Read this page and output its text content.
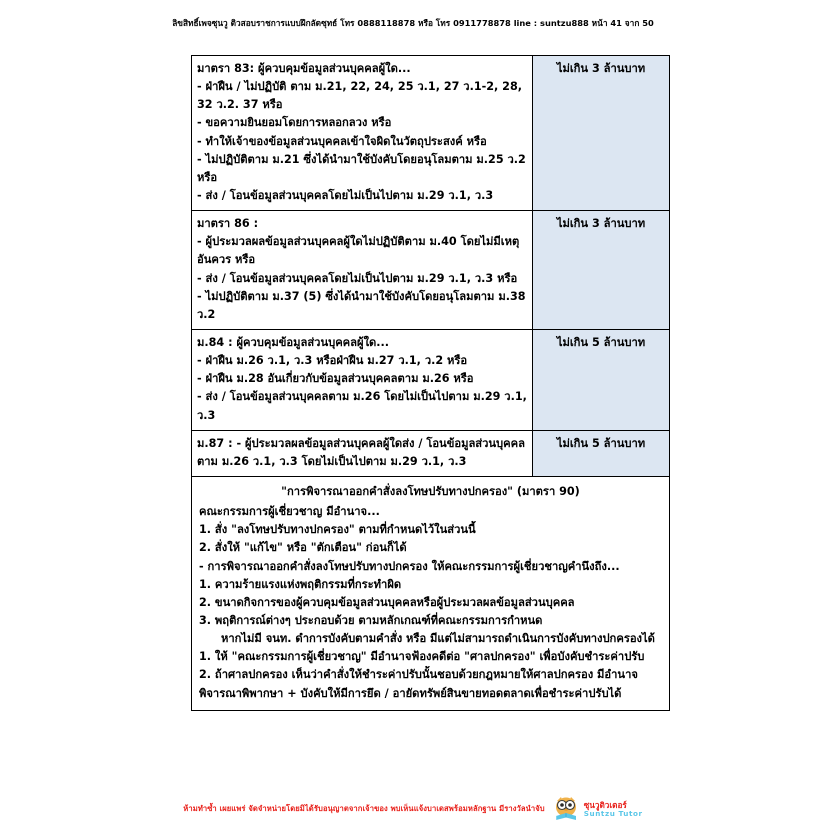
ลิขสิทธิ์เพจซุนวู ติวสอบราชการแบบฝึกลัดซุทธ์ โทร 0888118878 หรือ โทร 0911778878 line : suntzu888 หน้า 41 จาก 50

มาตรา 83: ผู้ควบคุมข้อมูลส่วนบุคคลผู้ใด...

- ฝ่าฝืน / ไม่ปฏิบัติ ตาม ม.21, 22, 24, 25 ว.1, 27 ว.1-2, 28, 32 ว.2. 37 หรือ

- ขอความยินยอมโดยการหลอกลวง หรือ

- ทำให้เจ้าของข้อมูลส่วนบุคคลเข้าใจผิดในวัตถุประสงค์ หรือ

- ไม่ปฏิบัติตาม ม.21 ซึ่งได้นำมาใช้บังคับโดยอนุโลมตาม ม.25 ว.2 หรือ

- ส่ง / โอนข้อมูลส่วนบุคคลโดยไม่เป็นไปตาม ม.29 ว.1, ว.3

	ไม่เกิน 3 ล้านบาท

มาตรา 86 :

- ผู้ประมวลผลข้อมูลส่วนบุคคลผู้ใดไม่ปฏิบัติตาม ม.40 โดยไม่มีเหตุอันควร หรือ

- ส่ง / โอนข้อมูลส่วนบุคคลโดยไม่เป็นไปตาม ม.29 ว.1, ว.3 หรือ

- ไม่ปฏิบัติตาม ม.37 (5) ซึ่งได้นำมาใช้บังคับโดยอนุโลมตาม ม.38 ว.2	ไม่เกิน 3 ล้านบาท

ม.84 : ผู้ควบคุมข้อมูลส่วนบุคคลผู้ใด...

- ฝ่าฝืน ม.26 ว.1, ว.3 หรือฝ่าฝืน ม.27 ว.1, ว.2 หรือ

- ฝ่าฝืน ม.28 อันเกี่ยวกับข้อมูลส่วนบุคคลตาม ม.26 หรือ

- ส่ง / โอนข้อมูลส่วนบุคคลตาม ม.26 โดยไม่เป็นไปตาม ม.29 ว.1, ว.3	ไม่เกิน 5 ล้านบาท

ม.87 : - ผู้ประมวลผลข้อมูลส่วนบุคคลผู้ใดส่ง / โอนข้อมูลส่วนบุคคลตาม ม.26 ว.1, ว.3 โดยไม่เป็นไปตาม ม.29 ว.1, ว.3	ไม่เกิน 5 ล้านบาท

"การพิจารณาออกคำสั่งลงโทษปรับทางปกครอง" (มาตรา 90)

คณะกรรมการผู้เชี่ยวชาญ มีอำนาจ...

1. สั่ง "ลงโทษปรับทางปกครอง" ตามที่กำหนดไว้ในส่วนนี้

2. สั่งให้ "แก้ไข" หรือ "ตักเตือน" ก่อนก็ได้

- การพิจารณาออกคำสั่งลงโทษปรับทางปกครอง ให้คณะกรรมการผู้เชี่ยวชาญคำนึงถึง...

1. ความร้ายแรงแห่งพฤติกรรมที่กระทำผิด

2. ขนาดกิจการของผู้ควบคุมข้อมูลส่วนบุคคลหรือผู้ประมวลผลข้อมูลส่วนบุคคล

3. พฤติการณ์ต่างๆ ประกอบด้วย ตามหลักเกณฑ์ที่คณะกรรมการกำหนด

หากไม่มี จนท. ดำการบังคับตามคำสั่ง หรือ มีแต่ไม่สามารถดำเนินการบังคับทางปกครองได้

1. ให้ "คณะกรรมการผู้เชี่ยวชาญ" มีอำนาจฟ้องคดีต่อ "ศาลปกครอง" เพื่อบังคับชำระค่าปรับ

2. ถ้าศาลปกครอง เห็นว่าคำสั่งให้ชำระค่าปรับนั้นชอบด้วยกฎหมายให้ศาลปกครอง มีอำนาจ

พิจารณาพิพากษา + บังคับให้มีการยึด / อายัดทรัพย์สินขายทอดตลาดเพื่อชำระค่าปรับได้

ห้ามทำซ้ำ เผยแพร่ จัดจำหน่ายโดยมิได้รับอนุญาตจากเจ้าของ พบเห็นแจ้งบาเดสพร้อมหลักฐาน มีรางวัลนำจับ	ซุนวูติวเตอร์
Suntzu Tutor
